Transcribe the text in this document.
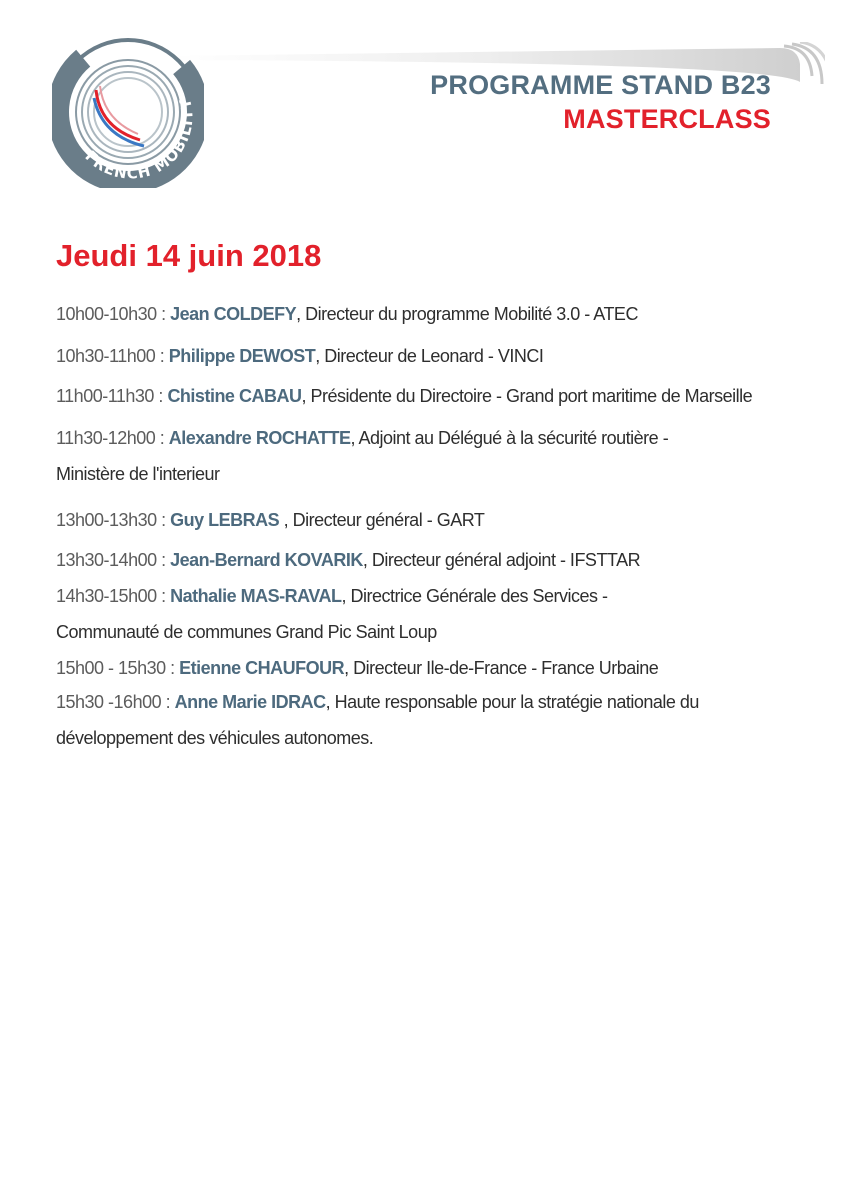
PROGRAMME STAND B23
MASTERCLASS
Jeudi 14 juin 2018
10h00-10h30 : Jean COLDEFY, Directeur du programme Mobilité 3.0 - ATEC
10h30-11h00 : Philippe DEWOST, Directeur de Leonard - VINCI
11h00-11h30 : Chistine CABAU, Présidente du Directoire - Grand port maritime de Marseille
11h30-12h00 : Alexandre ROCHATTE, Adjoint au Délégué à la sécurité routière -
Ministère de l'interieur
13h00-13h30 : Guy LEBRAS , Directeur général - GART
13h30-14h00 : Jean-Bernard KOVARIK, Directeur général adjoint - IFSTTAR
14h30-15h00 : Nathalie MAS-RAVAL, Directrice Générale des Services -
Communauté de communes Grand Pic Saint Loup
15h00 - 15h30 : Etienne CHAUFOUR, Directeur Ile-de-France - France Urbaine
15h30 -16h00 : Anne Marie IDRAC, Haute responsable pour la stratégie nationale du
développement des véhicules autonomes.
FRENCH MOBILITY
